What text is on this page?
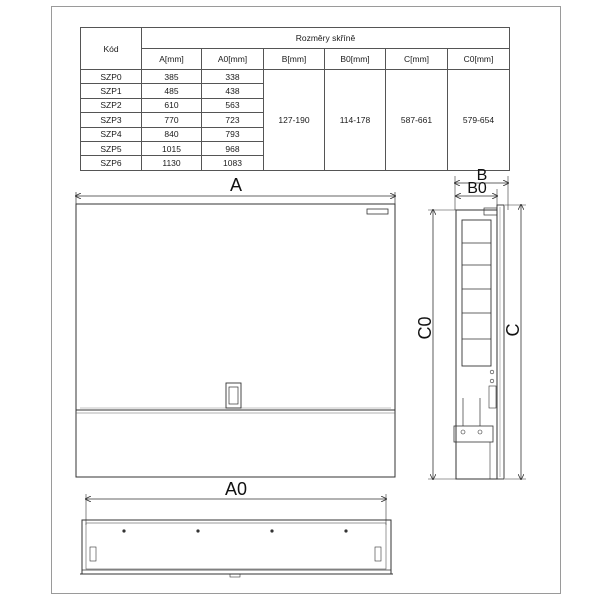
Kód	Rozměry skříně					
	A[mm]	A0[mm]	B[mm]	B0[mm]	C[mm]	C0[mm]
SZP0	385	338	127-190	114-178	587-661	579-654
SZP1	485	438				
SZP2	610	563				
SZP3	770	723				
SZP4	840	793				
SZP5	1015	968				
SZP6	1130	1083				
A	B
B0
C0	C
A0
